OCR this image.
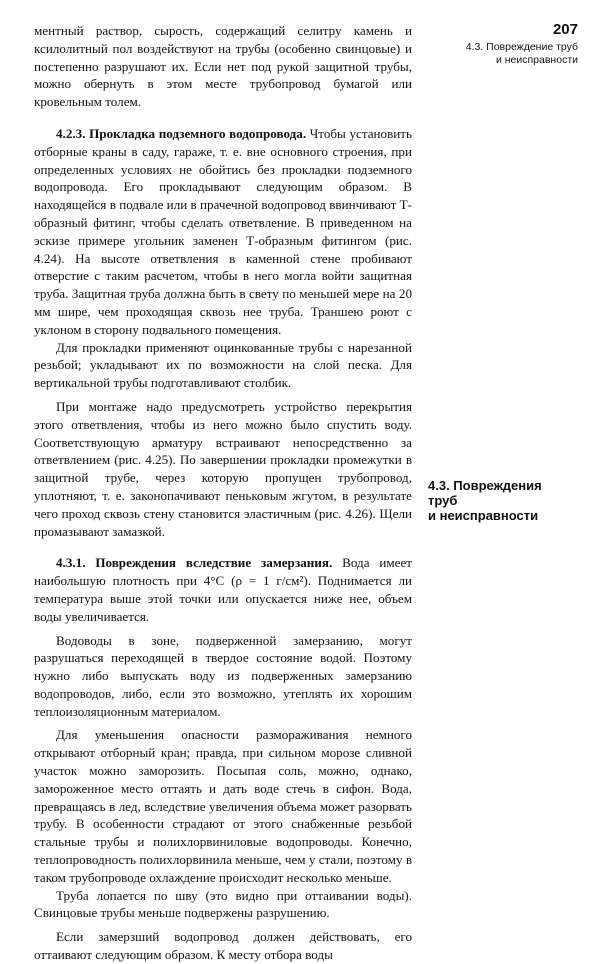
207
4.3. Повреждение труб
и неисправности

ментный раствор, сырость, содержащий селитру камень и ксилолитный пол воздействуют на трубы (особенно свинцовые) и постепенно разрушают их. Если нет под рукой защитной трубы, можно обернуть в этом месте трубопровод бумагой или кровельным толем.

4.2.3. Прокладка подземного водопровода. Чтобы установить отборные краны в саду, гараже, т. е. вне основного строения, при определенных условиях не обойтись без прокладки подземного водопровода. Его прокладывают следующим образом. В находящейся в подвале или в прачечной водопровод ввинчивают Т-образный фитинг, чтобы сделать ответвление. В приведенном на эскизе примере угольник заменен Т-образным фитингом (рис. 4.24). На высоте ответвления в каменной стене пробивают отверстие с таким расчетом, чтобы в него могла войти защитная труба. Защитная труба должна быть в свету по меньшей мере на 20 мм шире, чем проходящая сквозь нее труба. Траншею роют с уклоном в сторону подвального помещения.

Для прокладки применяют оцинкованные трубы с нарезанной резьбой; укладывают их по возможности на слой песка. Для вертикальной трубы подготавливают столбик.

При монтаже надо предусмотреть устройство перекрытия этого ответвления, чтобы из него можно было спустить воду. Соответствующую арматуру встраивают непосредственно за ответвлением (рис. 4.25). По завершении прокладки промежутки в защитной трубе, через которую пропущен трубопровод, уплотняют, т. е. законопачивают пеньковым жгутом, в результате чего проход сквозь стену становится эластичным (рис. 4.26). Щели промазывают замазкой.

4.3.1. Повреждения вследствие замерзания. Вода имеет наибольшую плотность при 4°C (ρ = 1 г/см²). Поднимается ли температура выше этой точки или опускается ниже нее, объем воды увеличивается.

Водоводы в зоне, подверженной замерзанию, могут разрушаться переходящей в твердое состояние водой. Поэтому нужно либо выпускать воду из подверженных замерзанию водопроводов, либо, если это возможно, утеплять их хорошим теплоизоляционным материалом.

Для уменьшения опасности размораживания немного открывают отборный кран; правда, при сильном морозе сливной участок можно заморозить. Посыпая соль, можно, однако, замороженное место оттаять и дать воде стечь в сифон. Вода, превращаясь в лед, вследствие увеличения объема может разорвать трубу. В особенности страдают от этого снабженные резьбой стальные трубы и полихлорвиниловые водопроводы. Конечно, теплопроводность полихлорвинила меньше, чем у стали, поэтому в таком трубопроводе охлаждение происходит несколько меньше.

Труба лопается по шву (это видно при оттаивании воды). Свинцовые трубы меньше подвержены разрушению.

Если замерзший водопровод должен действовать, его оттаивают следующим образом. К месту отбора воды

4.3. Повреждения
труб
и неисправности
